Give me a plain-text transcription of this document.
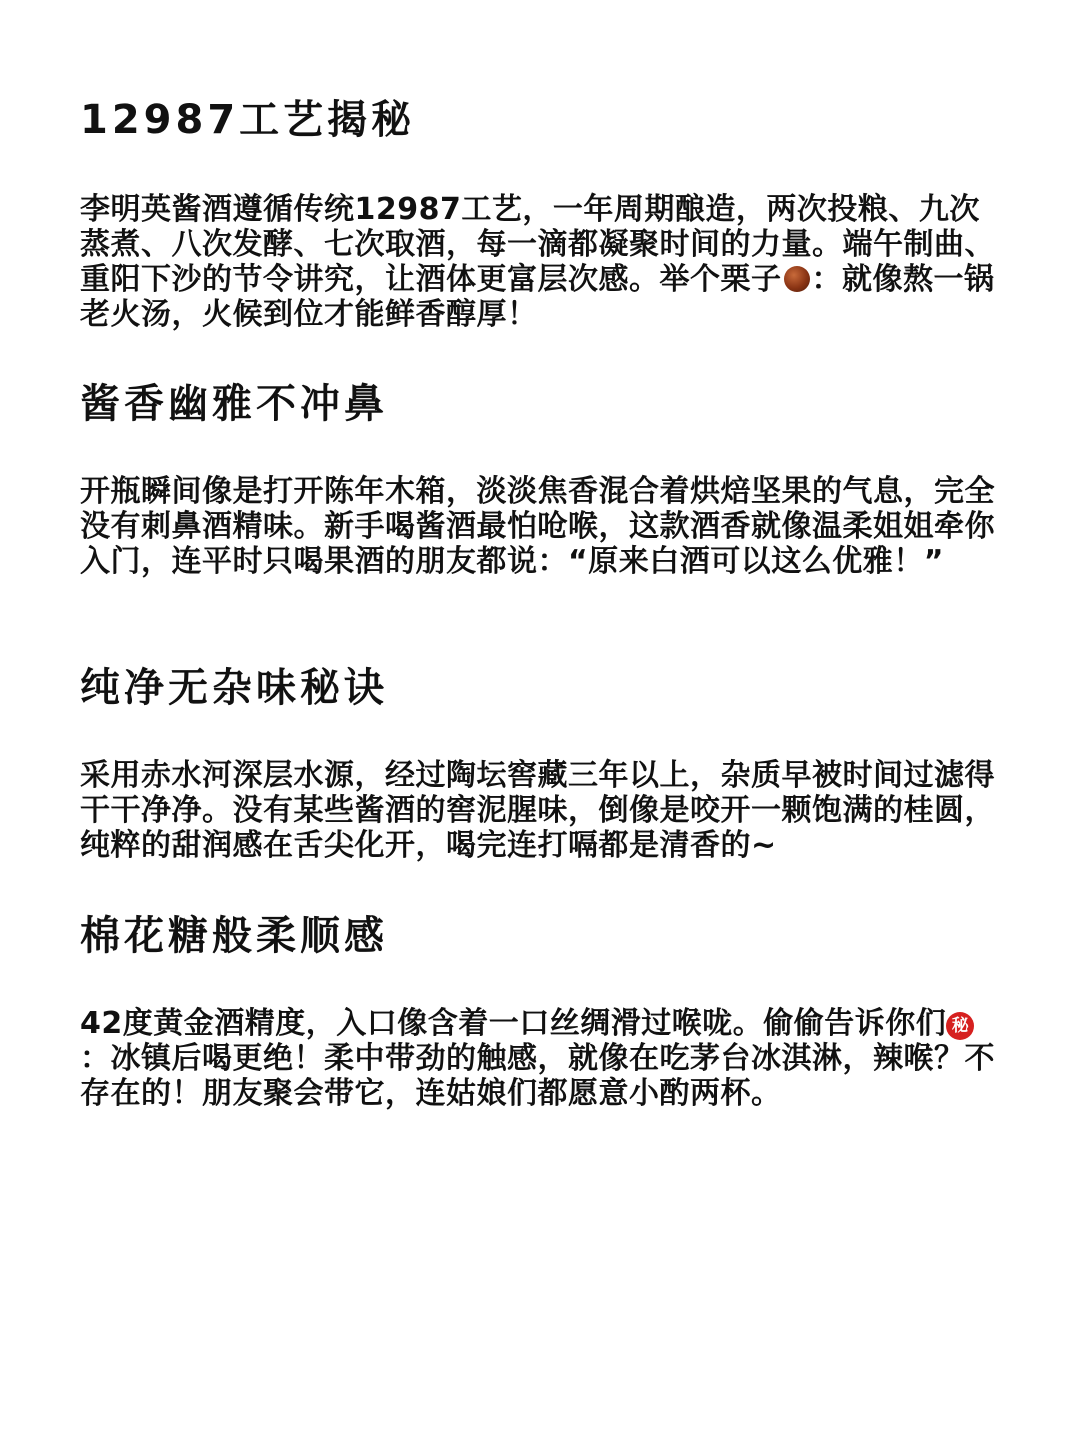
12987工艺揭秘

李明英酱酒遵循传统12987工艺，一年周期酿造，两次投粮、九次蒸煮、八次发酵、七次取酒，每一滴都凝聚时间的力量。端午制曲、重阳下沙的节令讲究，让酒体更富层次感。举个栗子 ：就像熬一锅老火汤，火候到位才能鲜香醇厚！

酱香幽雅不冲鼻

开瓶瞬间像是打开陈年木箱，淡淡焦香混合着烘焙坚果的气息，完全没有刺鼻酒精味。新手喝酱酒最怕呛喉，这款酒香就像温柔姐姐牵你入门，连平时只喝果酒的朋友都说：“原来白酒可以这么优雅！”

纯净无杂味秘诀

采用赤水河深层水源，经过陶坛窖藏三年以上，杂质早被时间过滤得干干净净。没有某些酱酒的窖泥腥味，倒像是咬开一颗饱满的桂圆，纯粹的甜润感在舌尖化开，喝完连打嗝都是清香的~

棉花糖般柔顺感

42度黄金酒精度，入口像含着一口丝绸滑过喉咙。偷偷告诉你们 秘：冰镇后喝更绝！柔中带劲的触感，就像在吃茅台冰淇淋，辣喉？不存在的！朋友聚会带它，连姑娘们都愿意小酌两杯。
